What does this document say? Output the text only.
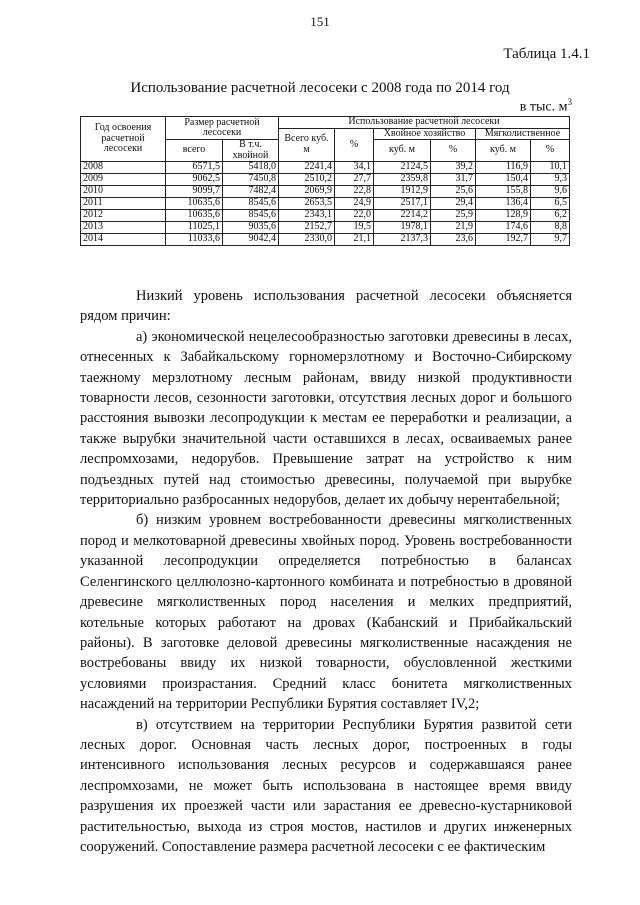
151
Таблица 1.4.1
Использование расчетной лесосеки с 2008 года по 2014 год
в тыс. $м^3$
Год освоения расчетной лесосеки	Размер расчетной лесосеки		Использование расчетной лесосеки					
			Всего куб. м	%	Хвойное хозяйство		Мягколиственное	
	всего	В т.ч. хвойной			куб. м	%	куб. м	%
2008	6571,5	5418,0	2241,4	34,1	2124,5	39,2	116,9	10,1
2009	9062,5	7450,8	2510,2	27,7	2359,8	31,7	150,4	9,3
2010	9099,7	7482,4	2069,9	22,8	1912,9	25,6	155,8	9,6
2011	10635,6	8545,6	2653,5	24,9	2517,1	29,4	136,4	6,5
2012	10635,6	8545,6	2343,1	22,0	2214,2	25,9	128,9	6,2
2013	11025,1	9035,6	2152,7	19,5	1978,1	21,9	174,6	8,8
2014	11033,6	9042,4	2330,0	21,1	2137,3	23,6	192,7	9,7

Низкий уровень использования расчетной лесосеки объясняется рядом причин:

а) экономической нецелесообразностью заготовки древесины в лесах, отнесенных к Забайкальскому горномерзлотному и Восточно-Сибирскому таежному мерзлотному лесным районам, ввиду низкой продуктивности товарности лесов, сезонности заготовки, отсутствия лесных дорог и большого расстояния вывозки лесопродукции к местам ее переработки и реализации, а также вырубки значительной части оставшихся в лесах, осваиваемых ранее леспромхозами, недорубов. Превышение затрат на устройство к ним подъездных путей над стоимостью древесины, получаемой при вырубке территориально разбросанных недорубов, делает их добычу нерентабельной;

б) низким уровнем востребованности древесины мягколиственных пород и мелкотоварной древесины хвойных пород. Уровень востребованности указанной лесопродукции определяется потребностью в балансах Селенгинского целлюлозно-картонного комбината и потребностью в дровяной древесине мягколиственных пород населения и мелких предприятий, котельные которых работают на дровах (Кабанский и Прибайкальский районы). В заготовке деловой древесины мягколиственные насаждения не востребованы ввиду их низкой товарности, обусловленной жесткими условиями произрастания. Средний класс бонитета мягколиственных насаждений на территории Республики Бурятия составляет IV,2;

в) отсутствием на территории Республики Бурятия развитой сети лесных дорог. Основная часть лесных дорог, построенных в годы интенсивного использования лесных ресурсов и содержавшаяся ранее леспромхозами, не может быть использована в настоящее время ввиду разрушения их проезжей части или зарастания ее древесно-кустарниковой растительностью, выхода из строя мостов, настилов и других инженерных сооружений. Сопоставление размера расчетной лесосеки с ее фактическим
